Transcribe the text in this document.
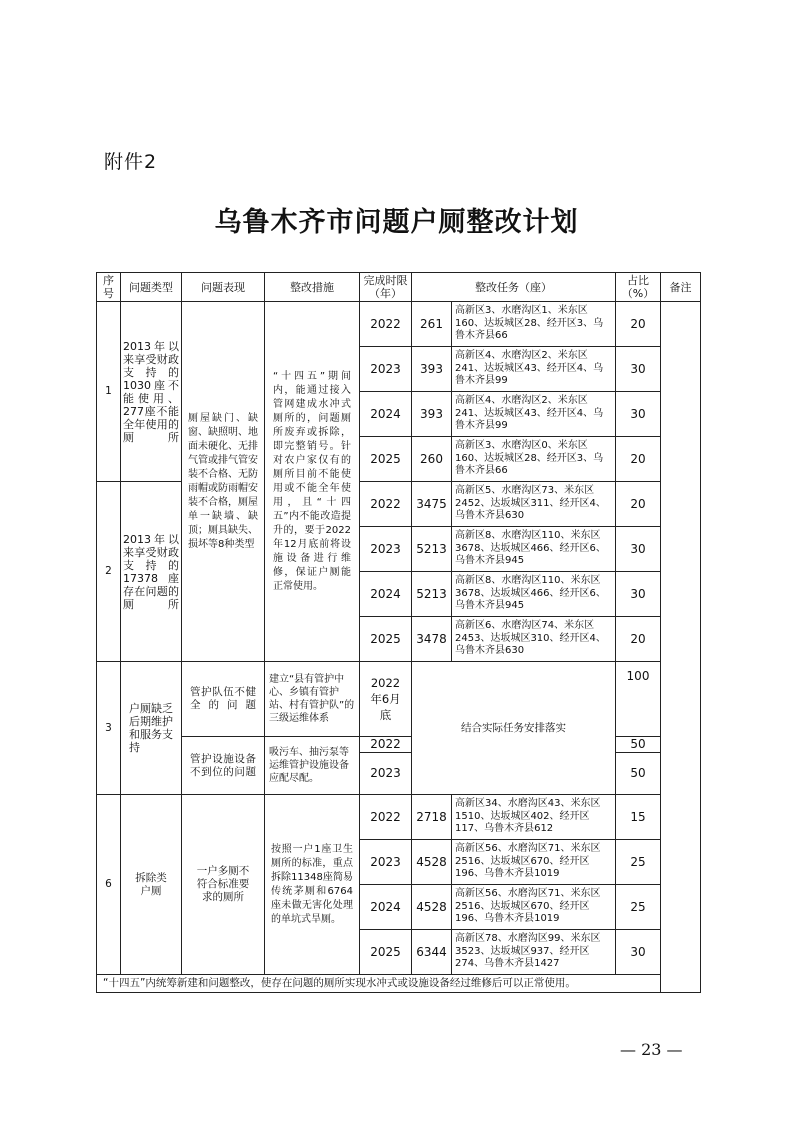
附件2
乌鲁木齐市问题户厕整改计划
序号	问题类型	问题表现	整改措施	完成时限（年）	整改任务（座）		占比（%）	备注
1	2013年以来享受财政支持的1030座不能使用、277座不能全年使用的厕所	厕屋缺门、缺窗、缺照明、地面未硬化、无排气管或排气管安装不合格、无防雨帽或防雨帽安装不合格，厕屋单一缺墙、缺顶；厕具缺失、损坏等8种类型	“十四五”期间内，能通过接入管网建成水冲式厕所的，问题厕所废弃或拆除，即完整销号。针对农户家仅有的厕所目前不能使用或不能全年使用，且“十四五”内不能改造提升的，要于2022年12月底前将设施设备进行维修，保证户厕能正常使用。	2022	261	高新区3、水磨沟区1、米东区160、达坂城区28、经开区3、乌鲁木齐县66	20	
				2023	393	高新区4、水磨沟区2、米东区241、达坂城区43、经开区4、乌鲁木齐县99	30	
				2024	393	高新区4、水磨沟区2、米东区241、达坂城区43、经开区4、乌鲁木齐县99	30	
				2025	260	高新区3、水磨沟区0、米东区160、达坂城区28、经开区3、乌鲁木齐县66	20	
2	2013年以来享受财政支持的17378座存在问题的厕所			2022	3475	高新区5、水磨沟区73、米东区2452、达坂城区311、经开区4、乌鲁木齐县630	20	
				2023	5213	高新区8、水磨沟区110、米东区3678、达坂城区466、经开区6、乌鲁木齐县945	30	
				2024	5213	高新区8、水磨沟区110、米东区3678、达坂城区466、经开区6、乌鲁木齐县945	30	
				2025	3478	高新区6、水磨沟区74、米东区2453、达坂城区310、经开区4、乌鲁木齐县630	20	
3	户厕缺乏后期维护和服务支持	管护队伍不健全的问题	建立“县有管护中心、乡镇有管护站、村有管护队”的三级运维体系	2022年6月底	结合实际任务安排落实		100	
		管护设施设备不到位的问题	吸污车、抽污泵等运维管护设施设备应配尽配。	2022			50	
				2023			50	
6	拆除类户厕	一户多厕不符合标准要求的厕所	按照一户1座卫生厕所的标准，重点拆除11348座简易传统茅厕和6764座未做无害化处理的单坑式旱厕。	2022	2718	高新区34、水磨沟区43、米东区1510、达坂城区402、经开区117、乌鲁木齐县612	15	
				2023	4528	高新区56、水磨沟区71、米东区2516、达坂城区670、经开区196、乌鲁木齐县1019	25	
				2024	4528	高新区56、水磨沟区71、米东区2516、达坂城区670、经开区196、乌鲁木齐县1019	25	
				2025	6344	高新区78、水磨沟区99、米东区3523、达坂城区937、经开区274、乌鲁木齐县1427	30	
“十四五”内统筹新建和问题整改，使存在问题的厕所实现水冲式或设施设备经过维修后可以正常使用。								
— 23 —
